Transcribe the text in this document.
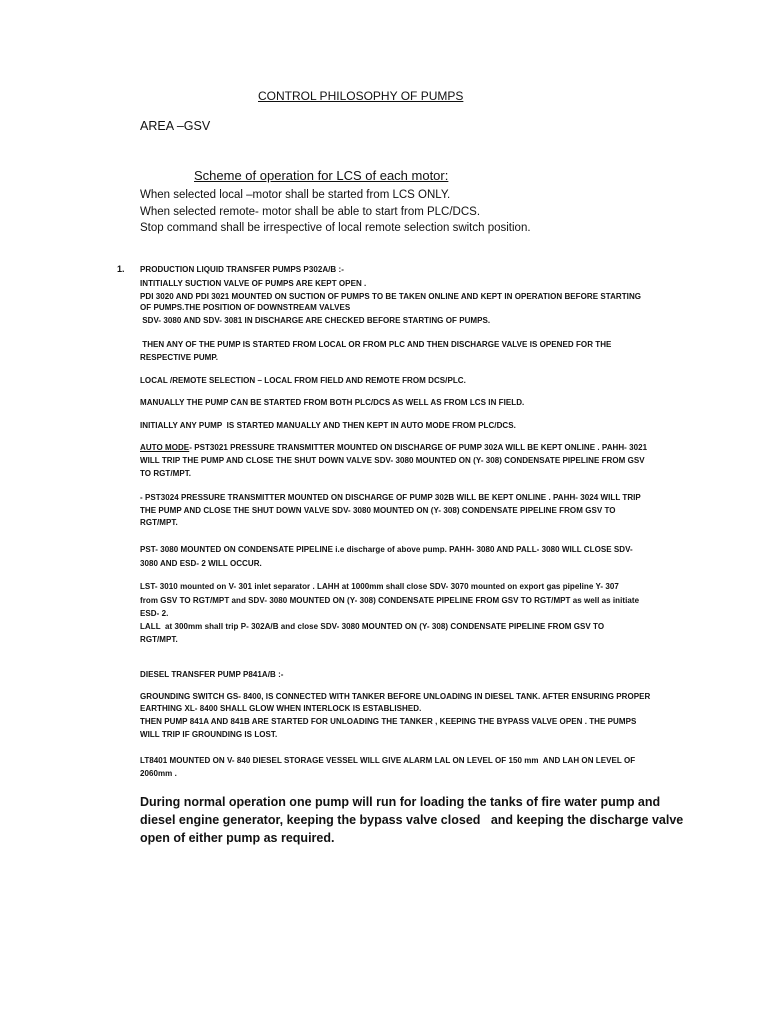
CONTROL PHILOSOPHY OF PUMPS
AREA –GSV
Scheme of operation for LCS of each motor:
When selected local –motor shall be started from LCS ONLY.
When selected remote- motor shall be able to start from PLC/DCS.
Stop command shall be irrespective of local remote selection switch position.
1. PRODUCTION LIQUID TRANSFER PUMPS P302A/B :-
INTITIALLY SUCTION VALVE OF PUMPS ARE KEPT OPEN .
PDI 3020 AND PDI 3021 MOUNTED ON SUCTION OF PUMPS TO BE TAKEN ONLINE AND KEPT IN OPERATION BEFORE STARTING
OF PUMPS.THE POSITION OF DOWNSTREAM VALVES
SDV- 3080 AND SDV- 3081 IN DISCHARGE ARE CHECKED BEFORE STARTING OF PUMPS.
THEN ANY OF THE PUMP IS STARTED FROM LOCAL OR FROM PLC AND THEN DISCHARGE VALVE IS OPENED FOR THE
RESPECTIVE PUMP.
LOCAL /REMOTE SELECTION – LOCAL FROM FIELD AND REMOTE FROM DCS/PLC.
MANUALLY THE PUMP CAN BE STARTED FROM BOTH PLC/DCS AS WELL AS FROM LCS IN FIELD.
INITIALLY ANY PUMP  IS STARTED MANUALLY AND THEN KEPT IN AUTO MODE FROM PLC/DCS.
AUTO MODE- PST3021 PRESSURE TRANSMITTER MOUNTED ON DISCHARGE OF PUMP 302A WILL BE KEPT ONLINE . PAHH- 3021
WILL TRIP THE PUMP AND CLOSE THE SHUT DOWN VALVE SDV- 3080 MOUNTED ON (Y- 308) CONDENSATE PIPELINE FROM GSV
TO RGT/MPT.
- PST3024 PRESSURE TRANSMITTER MOUNTED ON DISCHARGE OF PUMP 302B WILL BE KEPT ONLINE . PAHH- 3024 WILL TRIP
THE PUMP AND CLOSE THE SHUT DOWN VALVE SDV- 3080 MOUNTED ON (Y- 308) CONDENSATE PIPELINE FROM GSV TO
RGT/MPT.
PST- 3080 MOUNTED ON CONDENSATE PIPELINE i.e discharge of above pump. PAHH- 3080 AND PALL- 3080 WILL CLOSE SDV-
3080 AND ESD- 2 WILL OCCUR.
LST- 3010 mounted on V- 301 inlet separator . LAHH at 1000mm shall close SDV- 3070 mounted on export gas pipeline Y- 307
from GSV TO RGT/MPT and SDV- 3080 MOUNTED ON (Y- 308) CONDENSATE PIPELINE FROM GSV TO RGT/MPT as well as initiate
ESD- 2.
LALL  at 300mm shall trip P- 302A/B and close SDV- 3080 MOUNTED ON (Y- 308) CONDENSATE PIPELINE FROM GSV TO
RGT/MPT.
DIESEL TRANSFER PUMP P841A/B :-
GROUNDING SWITCH GS- 8400, IS CONNECTED WITH TANKER BEFORE UNLOADING IN DIESEL TANK. AFTER ENSURING PROPER
EARTHING XL- 8400 SHALL GLOW WHEN INTERLOCK IS ESTABLISHED.
THEN PUMP 841A AND 841B ARE STARTED FOR UNLOADING THE TANKER , KEEPING THE BYPASS VALVE OPEN . THE PUMPS
WILL TRIP IF GROUNDING IS LOST.
LT8401 MOUNTED ON V- 840 DIESEL STORAGE VESSEL WILL GIVE ALARM LAL ON LEVEL OF 150 mm  AND LAH ON LEVEL OF
2060mm .
During normal operation one pump will run for loading the tanks of fire water pump and
diesel engine generator, keeping the bypass valve closed   and keeping the discharge valve
open of either pump as required.
